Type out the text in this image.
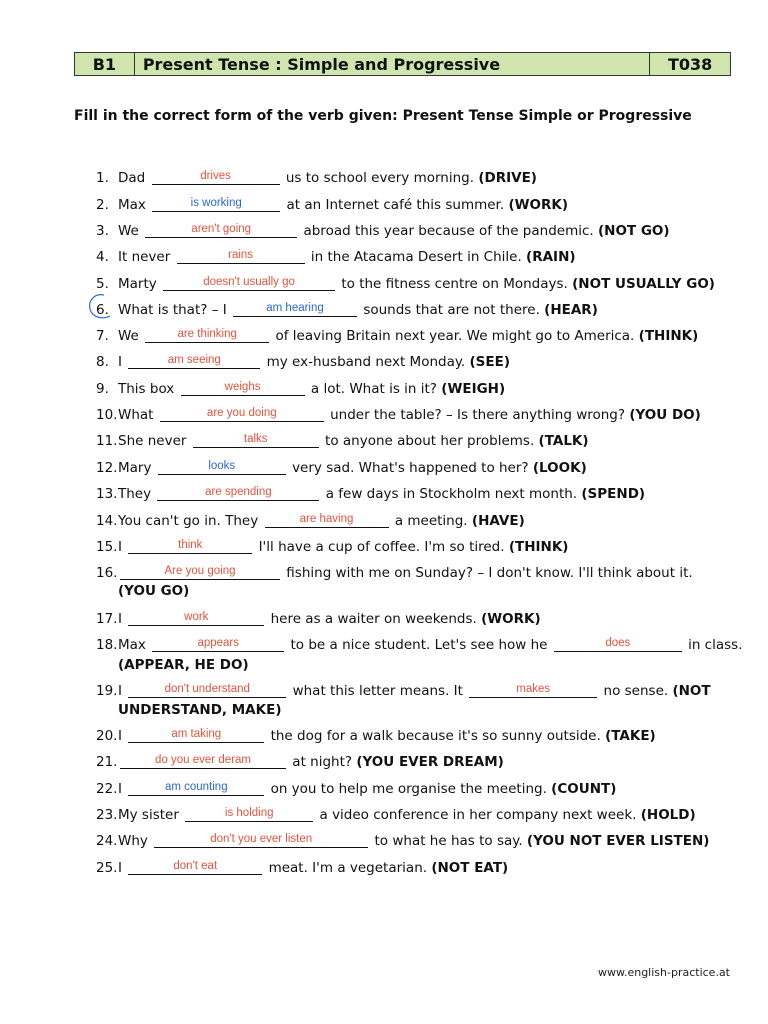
B1	Present Tense : Simple and Progressive	T038
Fill in the correct form of the verb given: Present Tense Simple or Progressive
1. Dad	drives	us to school every morning. (DRIVE)
2. Max	is working	at an Internet café this summer. (WORK)
3. We	aren't going	abroad this year because of the pandemic. (NOT GO)
4. It never	rains	in the Atacama Desert in Chile. (RAIN)
5. Marty	doesn't usually go	to the fitness centre on Mondays. (NOT USUALLY GO)
6. What is that? – I	am hearing	sounds that are not there. (HEAR)
7. We	are thinking	of leaving Britain next year. We might go to America. (THINK)
8. I	am seeing	my ex-husband next Monday. (SEE)
9. This box	weighs	a lot. What is in it? (WEIGH)
10.What	are you doing	under the table? – Is there anything wrong? (YOU DO)
11.She never	talks	to anyone about her problems. (TALK)
12.Mary	looks	very sad. What's happened to her? (LOOK)
13.They	are spending	a few days in Stockholm next month. (SPEND)
14.You can't go in. They	are having	a meeting. (HAVE)
15.I	think	I'll have a cup of coffee. I'm so tired. (THINK)
16.	Are you going	fishing with me on Sunday? – I don't know. I'll think about it.
(YOU GO)
17.I	work	here as a waiter on weekends. (WORK)
18.Max	appears	to be a nice student. Let's see how he	does	in class.
(APPEAR, HE DO)
19.I	don't understand	what this letter means. It	makes	no sense. (NOT
UNDERSTAND, MAKE)
20.I	am taking	the dog for a walk because it's so sunny outside. (TAKE)
21.	do you ever deram	at night? (YOU EVER DREAM)
22.I	am counting	on you to help me organise the meeting. (COUNT)
23.My sister	is holding	a video conference in her company next week. (HOLD)
24.Why	don't you ever listen	to what he has to say. (YOU NOT EVER LISTEN)
25.I	don't eat	meat. I'm a vegetarian. (NOT EAT)
www.english-practice.at
